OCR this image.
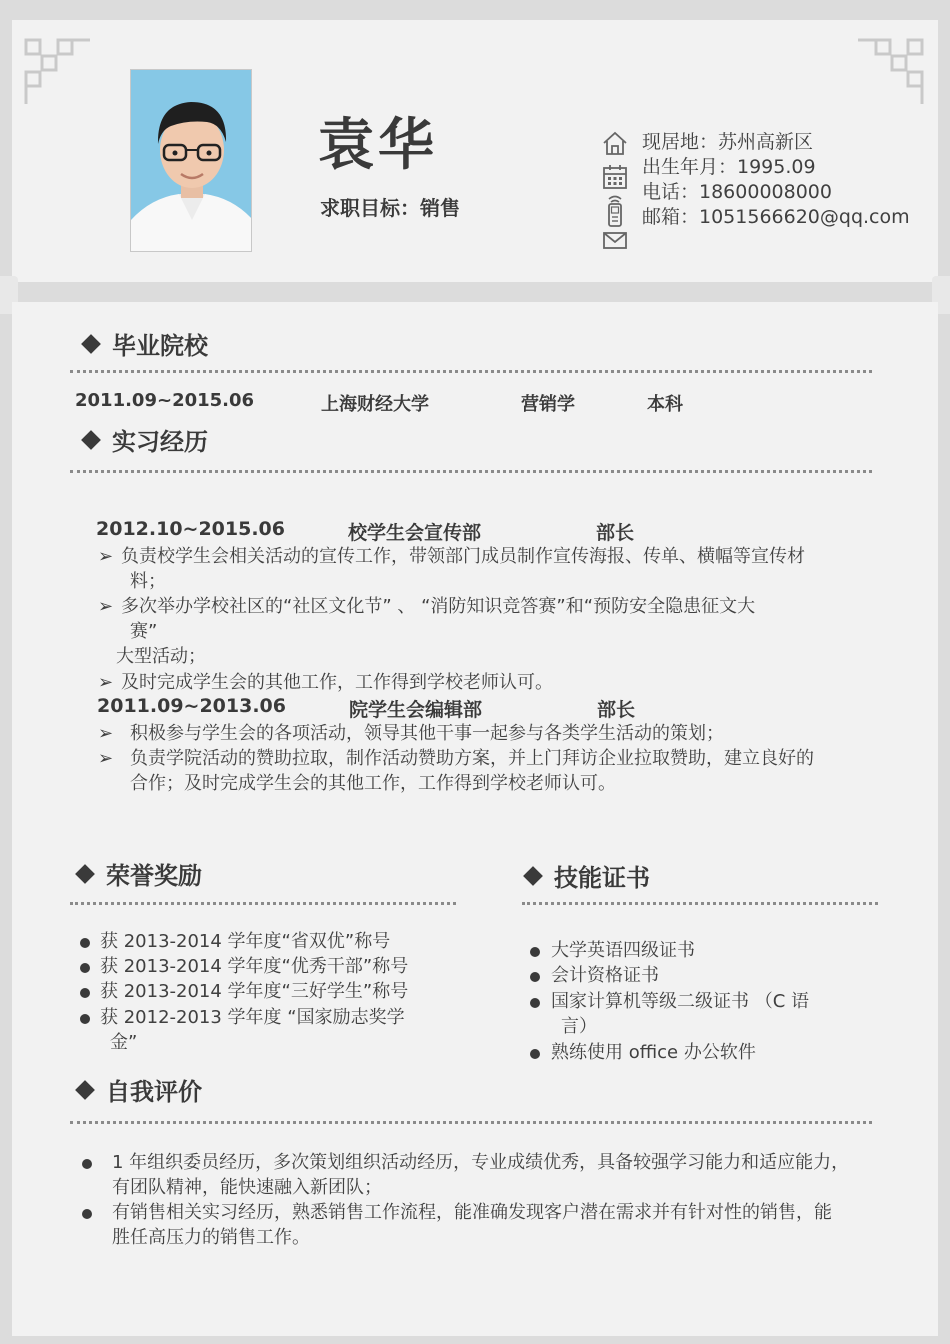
袁华
求职目标：销售
现居地：苏州高新区
出生年月：1995.09
电话：18600008000
邮箱：1051566620@qq.com
毕业院校
2011.09~2015.06	上海财经大学	营销学	本科
实习经历
2012.10~2015.06	校学生会宣传部	部长
➢ 负责校学生会相关活动的宣传工作，带领部门成员制作宣传海报、传单、横幅等宣传材
料；
➢ 多次举办学校社区的“社区文化节” 、 “消防知识竞答赛”和“预防安全隐患征文大
赛”
大型活动；
➢ 及时完成学生会的其他工作，工作得到学校老师认可。
2011.09~2013.06	院学生会编辑部	部长
➢ 积极参与学生会的各项活动，领导其他干事一起参与各类学生活动的策划；
➢ 负责学院活动的赞助拉取，制作活动赞助方案，并上门拜访企业拉取赞助，建立良好的
合作；及时完成学生会的其他工作，工作得到学校老师认可。
荣誉奖励
获 2013-2014 学年度“省双优”称号
获 2013-2014 学年度“优秀干部”称号
获 2013-2014 学年度“三好学生”称号
获 2012-2013 学年度 “国家励志奖学
金”
技能证书
大学英语四级证书
会计资格证书
国家计算机等级二级证书 （C 语
言）
熟练使用 office 办公软件
自我评价
1 年组织委员经历，多次策划组织活动经历，专业成绩优秀，具备较强学习能力和适应能力，
有团队精神，能快速融入新团队；
有销售相关实习经历，熟悉销售工作流程，能准确发现客户潜在需求并有针对性的销售，能
胜任高压力的销售工作。
